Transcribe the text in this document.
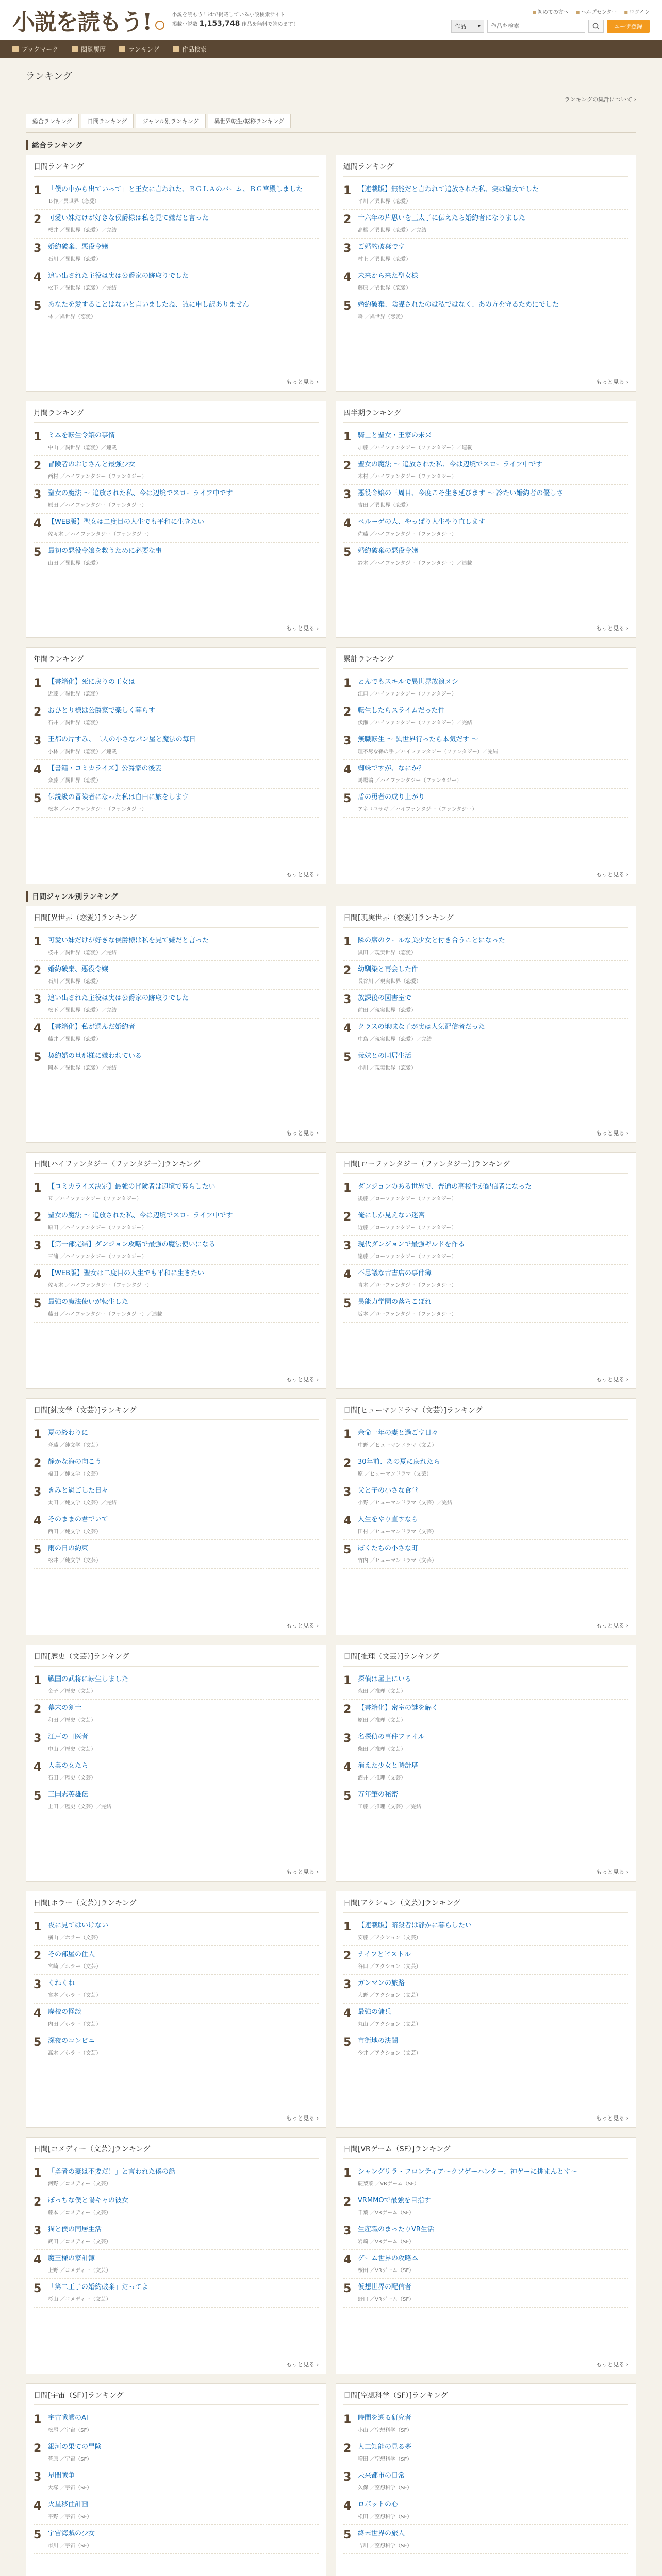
小説を読もう!	小説を読もう！はで掲載している小説検索サイト
掲載小説数 1,153,748 作品を無料で読めます！
■ 初めての方へ	■ ヘルプセンター	■ ログイン
作品 ▾
作品を検索	ユーザ登録
ブックマーク	閲覧履歴	ランキング	作品検索
ランキング
ランキングの集計について ›
総合ランキング	日間ランキング	ジャンル別ランキング	異世界転生/転移ランキング
総合ランキング
日間ランキング
1 「僕の中から出ていって」と王女に言われた、ＢＧＬＡのバーム、ＢＧ宮殿しました
Ｂ作／異世界（恋愛）
2 可愛い妹だけが好きな侯爵様は私を見て嫌だと言った
桜井 ／異世界（恋愛）／完結
3 婚約破棄、悪役令嬢
石川 ／異世界（恋愛）
4 追い出された主役は実は公爵家の跡取りでした
松下 ／異世界（恋愛）／完結
5 あなたを愛することはないと言いましたね、誠に申し訳ありません
林 ／異世界（恋愛）
もっと見る ›
週間ランキング
1 【連載版】無能だと言われて追放された私、実は聖女でした
平川 ／異世界（恋愛）
2 十六年の片思いを王太子に伝えたら婚約者になりました
高橋 ／異世界（恋愛）／完結
3 ご婚約破棄です
村上 ／異世界（恋愛）
4 未来から来た聖女様
藤原 ／異世界（恋愛）
5 婚約破棄、陰謀されたのは私ではなく、あの方を守るためにでした
森 ／異世界（恋愛）
もっと見る ›
月間ランキング
1 ミ本を転生令嬢の事情
中山 ／異世界（恋愛）／連載
2 冒険者のおじさんと最強少女
西村 ／ハイファンタジー（ファンタジー）
3 聖女の魔法 ～ 追放された私、今は辺境でスローライフ中です
原田 ／ハイファンタジー（ファンタジー）
4 【WEB版】聖女は二度目の人生でも平和に生きたい
佐々木 ／ハイファンタジー（ファンタジー）
5 最初の悪役令嬢を救うために必要な事
山田 ／異世界（恋愛）
もっと見る ›
四半期ランキング
1 騎士と聖女・王家の未来
加藤 ／ハイファンタジー（ファンタジー）／連載
2 聖女の魔法 ～ 追放された私、今は辺境でスローライフ中です
木村 ／ハイファンタジー（ファンタジー）
3 悪役令嬢の三周目、今度こそ生き延びます ～ 冷たい婚約者の優しさ
吉田 ／異世界（恋愛）
4 ペルーゲの人、やっぱり人生やり直します
佐藤 ／ハイファンタジー（ファンタジー）
5 婚約破棄の悪役令嬢
鈴木 ／ハイファンタジー（ファンタジー）／連載
もっと見る ›
年間ランキング
1 【書籍化】死に戻りの王女は
近藤 ／異世界（恋愛）
2 おひとり様は公爵家で楽しく暮らす
石井 ／異世界（恋愛）
3 王都の片すみ、二人の小さなパン屋と魔法の毎日
小林 ／異世界（恋愛）／連載
4 【書籍・コミカライズ】公爵家の後妻
斎藤 ／異世界（恋愛）
5 伝説級の冒険者になった私は自由に旅をします
松本 ／ハイファンタジー（ファンタジー）
もっと見る ›
累計ランキング
1 とんでもスキルで異世界放浪メシ
江口 ／ハイファンタジー（ファンタジー）
2 転生したらスライムだった件
伏瀬 ／ハイファンタジー（ファンタジー）／完結
3 無職転生 ～ 異世界行ったら本気だす ～
理不尽な孫の手 ／ハイファンタジー（ファンタジー）／完結
4 蜘蛛ですが、なにか？
馬場翁 ／ハイファンタジー（ファンタジー）
5 盾の勇者の成り上がり
アネコユサギ ／ハイファンタジー（ファンタジー）
もっと見る ›
日間ジャンル別ランキング
日間[異世界（恋愛）]ランキング
1 可愛い妹だけが好きな侯爵様は私を見て嫌だと言った
桜井 ／異世界（恋愛）／完結
2 婚約破棄、悪役令嬢
石川 ／異世界（恋愛）
3 追い出された主役は実は公爵家の跡取りでした
松下 ／異世界（恋愛）／完結
4 【書籍化】私が選んだ婚約者
藤井 ／異世界（恋愛）
5 契約婚の旦那様に嫌われている
岡本 ／異世界（恋愛）／完結
もっと見る ›
日間[現実世界（恋愛）]ランキング
1 隣の席のクールな美少女と付き合うことになった
黒田 ／現実世界（恋愛）
2 幼馴染と再会した件
長谷川 ／現実世界（恋愛）
3 放課後の図書室で
前田 ／現実世界（恋愛）
4 クラスの地味な子が実は人気配信者だった
中島 ／現実世界（恋愛）／完結
5 義妹との同居生活
小川 ／現実世界（恋愛）
もっと見る ›
日間[ハイファンタジー（ファンタジー）]ランキング
1 【コミカライズ決定】最強の冒険者は辺境で暮らしたい
Ｋ ／ハイファンタジー（ファンタジー）
2 聖女の魔法 ～ 追放された私、今は辺境でスローライフ中です
原田 ／ハイファンタジー（ファンタジー）
3 【第一部完結】ダンジョン攻略で最強の魔法使いになる
三浦 ／ハイファンタジー（ファンタジー）
4 【WEB版】聖女は二度目の人生でも平和に生きたい
佐々木 ／ハイファンタジー（ファンタジー）
5 最強の魔法使いが転生した
藤田 ／ハイファンタジー（ファンタジー）／連載
もっと見る ›
日間[ローファンタジー（ファンタジー）]ランキング
1 ダンジョンのある世界で、普通の高校生が配信者になった
後藤 ／ローファンタジー（ファンタジー）
2 俺にしか見えない迷宮
近藤 ／ローファンタジー（ファンタジー）
3 現代ダンジョンで最強ギルドを作る
遠藤 ／ローファンタジー（ファンタジー）
4 不思議な古書店の事件簿
青木 ／ローファンタジー（ファンタジー）
5 異能力学園の落ちこぼれ
坂本 ／ローファンタジー（ファンタジー）
もっと見る ›
日間[純文学（文芸）]ランキング
1 夏の終わりに
斉藤 ／純文学（文芸）
2 静かな海の向こう
福田 ／純文学（文芸）
3 きみと過ごした日々
太田 ／純文学（文芸）／完結
4 そのままの君でいて
西田 ／純文学（文芸）
5 雨の日の約束
松井 ／純文学（文芸）
もっと見る ›
日間[ヒューマンドラマ（文芸）]ランキング
1 余命一年の妻と過ごす日々
中野 ／ヒューマンドラマ（文芸）
2 30年前、あの夏に戻れたら
原 ／ヒューマンドラマ（文芸）
3 父と子の小さな食堂
小野 ／ヒューマンドラマ（文芸）／完結
4 人生をやり直すなら
田村 ／ヒューマンドラマ（文芸）
5 ぼくたちの小さな町
竹内 ／ヒューマンドラマ（文芸）
もっと見る ›
日間[歴史（文芸）]ランキング
1 戦国の武将に転生しました
金子 ／歴史（文芸）
2 幕末の剣士
和田 ／歴史（文芸）
3 江戸の町医者
中山 ／歴史（文芸）
4 大奥の女たち
石田 ／歴史（文芸）
5 三国志英雄伝
上田 ／歴史（文芸）／完結
もっと見る ›
日間[推理（文芸）]ランキング
1 探偵は屋上にいる
森田 ／推理（文芸）
2 【書籍化】密室の謎を解く
原田 ／推理（文芸）
3 名探偵の事件ファイル
柴田 ／推理（文芸）
4 消えた少女と時計塔
酒井 ／推理（文芸）
5 万年筆の秘密
工藤 ／推理（文芸）／完結
もっと見る ›
日間[ホラー（文芸）]ランキング
1 夜に見てはいけない
横山 ／ホラー（文芸）
2 その部屋の住人
宮崎 ／ホラー（文芸）
3 くねくね
宮本 ／ホラー（文芸）
4 廃校の怪談
内田 ／ホラー（文芸）
5 深夜のコンビニ
高木 ／ホラー（文芸）
もっと見る ›
日間[アクション（文芸）]ランキング
1 【連載版】暗殺者は静かに暮らしたい
安藤 ／アクション（文芸）
2 ナイフとピストル
谷口 ／アクション（文芸）
3 ガンマンの旅路
大野 ／アクション（文芸）
4 最強の傭兵
丸山 ／アクション（文芸）
5 市街地の決闘
今井 ／アクション（文芸）
もっと見る ›
日間[コメディー（文芸）]ランキング
1 「勇者の妻は不要だ！」と言われた僕の話
河野 ／コメディー（文芸）
2 ぼっちな僕と陽キャの彼女
藤本 ／コメディー（文芸）
3 猫と僕の同居生活
武田 ／コメディー（文芸）
4 魔王様の家計簿
上野 ／コメディー（文芸）
5 「第二王子の婚約破棄」だってよ
杉山 ／コメディー（文芸）
もっと見る ›
日間[VRゲーム（SF）]ランキング
1 シャングリラ・フロンティア～クソゲーハンター、神ゲーに挑まんとす～
硬梨菜 ／VRゲーム（SF）
2 VRMMOで最強を目指す
千葉 ／VRゲーム（SF）
3 生産職のまったりVR生活
岩崎 ／VRゲーム（SF）
4 ゲーム世界の攻略本
桜田 ／VRゲーム（SF）
5 仮想世界の配信者
野口 ／VRゲーム（SF）
もっと見る ›
日間[宇宙（SF）]ランキング
1 宇宙戦艦のAI
松尾 ／宇宙（SF）
2 銀河の果ての冒険
菅原 ／宇宙（SF）
3 星間戦争
大塚 ／宇宙（SF）
4 火星移住計画
平野 ／宇宙（SF）
5 宇宙海賊の少女
市川 ／宇宙（SF）
日間[空想科学（SF）]ランキング
1 時間を遡る研究者
小山 ／空想科学（SF）
2 人工知能の見る夢
増田 ／空想科学（SF）
3 未来都市の日常
久保 ／空想科学（SF）
4 ロボットの心
松田 ／空想科学（SF）
5 終末世界の旅人
吉川 ／空想科学（SF）
